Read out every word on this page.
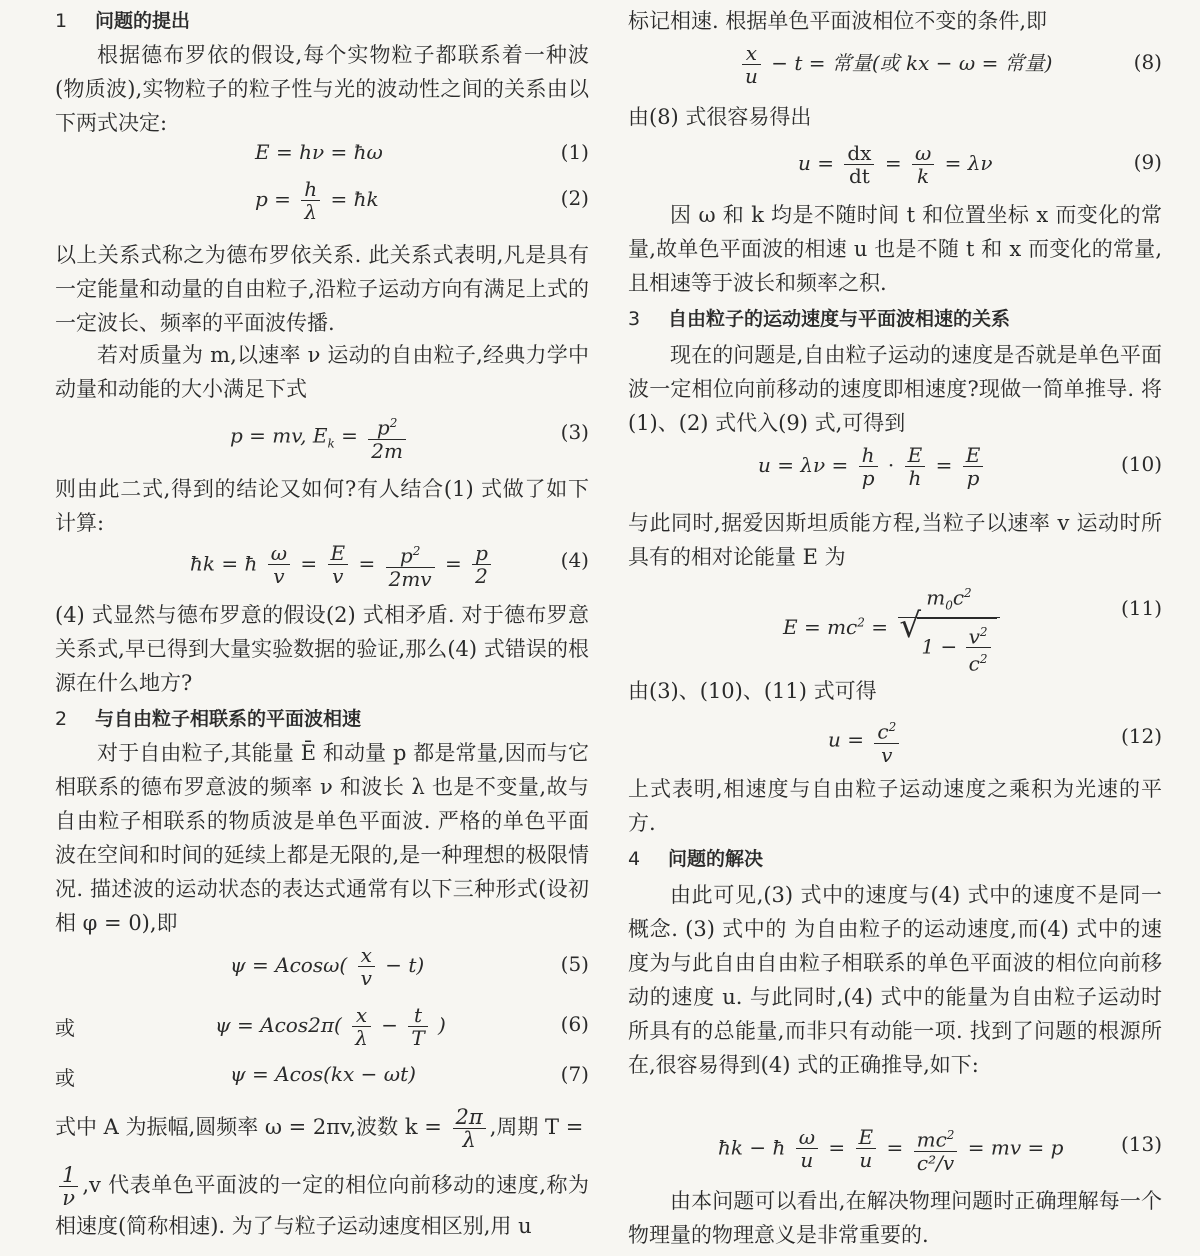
1 问题的提出
根据德布罗依的假设,每个实物粒子都联系着一种波(物质波),实物粒子的粒子性与光的波动性之间的关系由以下两式决定:
E = hν = ħω	(1)
$p = \frac{h}{\lambda}$ = ħk	(2)
以上关系式称之为德布罗依关系. 此关系式表明,凡是具有一定能量和动量的自由粒子,沿粒子运动方向有满足上式的一定波长、频率的平面波传播.
若对质量为 m,以速率 ν 运动的自由粒子,经典力学中动量和动能的大小满足下式
p = mv, $E_k = \frac{p^2}{2m}$	(3)
则由此二式,得到的结论又如何?有人结合(1) 式做了如下计算:
ħk = ħ $\frac{\omega}{v} = \frac{E}{v} = \frac{p^2}{2mv} = \frac{p}{2}$	(4)
(4) 式显然与德布罗意的假设(2) 式相矛盾. 对于德布罗意关系式,早已得到大量实验数据的验证,那么(4) 式错误的根源在什么地方?
2 与自由粒子相联系的平面波相速
对于自由粒子,其能量 Ē 和动量 p 都是常量,因而与它相联系的德布罗意波的频率 ν 和波长 λ 也是不变量,故与自由粒子相联系的物质波是单色平面波. 严格的单色平面波在空间和时间的延续上都是无限的,是一种理想的极限情况. 描述波的运动状态的表达式通常有以下三种形式(设初相 φ = 0),即
$\psi = Acos\omega( \frac{x}{v} - t)$	(5)
或	$\psi = Acos2\pi( \frac{x}{\lambda} - \frac{t}{T}$ )	(6)
或	ψ = Acos(kx − ωt)	(7)
式中 A 为振幅,圆频率 ω = 2πv,波数 $k = \frac{2\pi}{\lambda}$ ,周期 T =
$\frac{1}{\nu} ,v$ 代表单色平面波的一定的相位向前移动的速度,称为相速度(简称相速). 为了与粒子运动速度相区别,用 u
标记相速. 根据单色平面波相位不变的条件,即
$\frac{x}{u} - t$ = 常量(或 kx − ω = 常量)	(8)
由(8) 式很容易得出
$u = \frac{dx}{dt} = \frac{\omega}{k} = \lambda\nu$	(9)
因 ω 和 k 均是不随时间 t 和位置坐标 x 而变化的常量,故单色平面波的相速 u 也是不随 t 和 x 而变化的常量,且相速等于波长和频率之积.
3 自由粒子的运动速度与平面波相速的关系
现在的问题是,自由粒子运动的速度是否就是单色平面波一定相位向前移动的速度即相速度?现做一简单推导. 将(1)、(2) 式代入(9) 式,可得到
$u = \lambda\nu = \frac{h}{p} \cdot \frac{E}{h} = \frac{E}{p}$	(10)
与此同时,据爱因斯坦质能方程,当粒子以速率 v 运动时所具有的相对论能量 E 为
$E = mc^2 = m_0c^2$
√ $1 - \frac{v^2}{c^2}$	(11)
由(3)、(10)、(11) 式可得
$u = \frac{c^2}{v}$	(12)
上式表明,相速度与自由粒子运动速度之乘积为光速的平方.
4 问题的解决
由此可见,(3) 式中的速度与(4) 式中的速度不是同一概念. (3) 式中的 为自由粒子的运动速度,而(4) 式中的速度为与此自由自由粒子相联系的单色平面波的相位向前移动的速度 u. 与此同时,(4) 式中的能量为自由粒子运动时所具有的总能量,而非只有动能一项. 找到了问题的根源所在,很容易得到(4) 式的正确推导,如下:
ħk − ħ $\frac{\omega}{u} = \frac{E}{u} = \frac{mc^2}{\text{c²/v}}$ = mv = p	(13)
由本问题可以看出,在解决物理问题时正确理解每一个物理量的物理意义是非常重要的.
